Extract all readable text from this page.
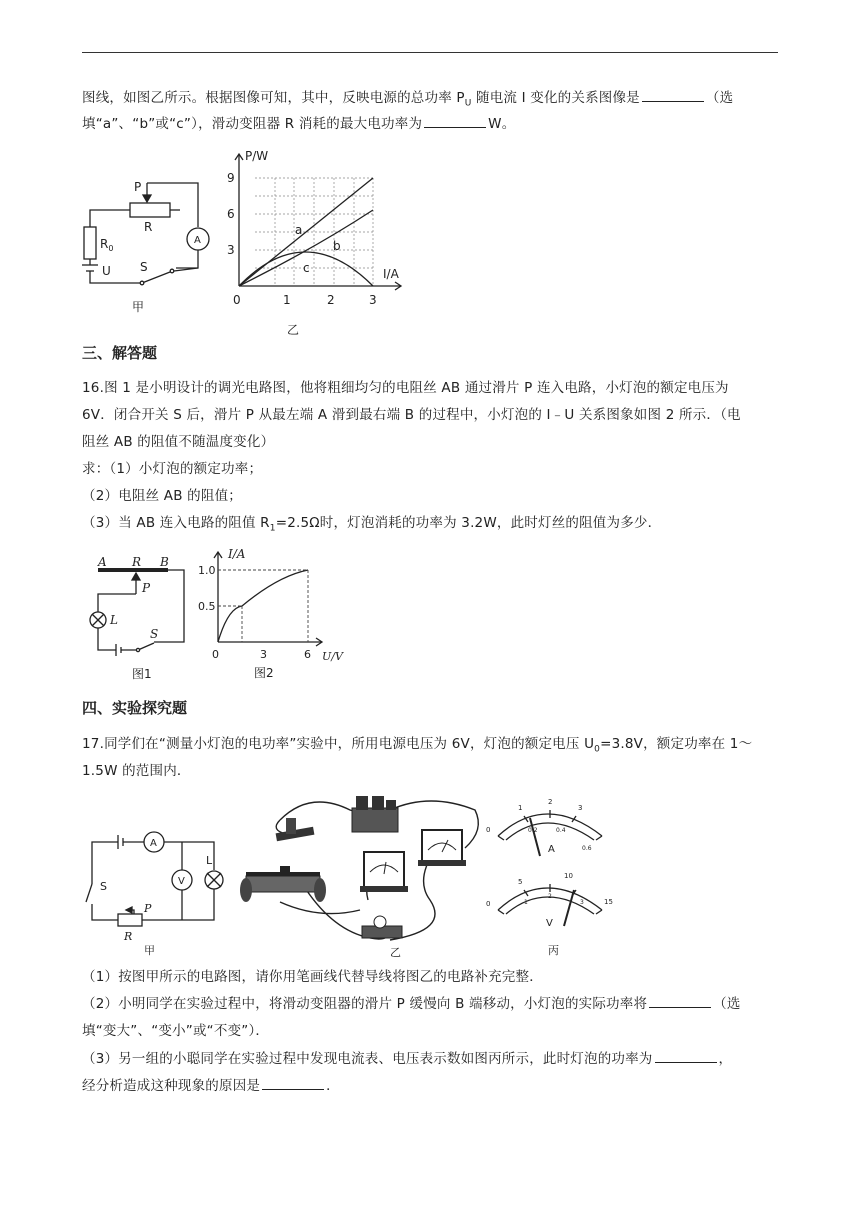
图线，如图乙所示。根据图像可知，其中，反映电源的总功率 $P_U$ 随电流 I 变化的关系图像是	（选
填“a”、“b”或“c”），滑动变阻器 R 消耗的最大电功率为	W。
P
R
$R_0$
U S
A
甲
P/W
I/A
3
6
9
0	1	2	3
a
b
c
乙
三、解答题
16.图 1 是小明设计的调光电路图，他将粗细均匀的电阻丝 AB 通过滑片 P 连入电路，小灯泡的额定电压为
6V．闭合开关 S 后，滑片 P 从最左端 A 滑到最右端 B 的过程中，小灯泡的 I﹣U 关系图象如图 2 所示．（电
阻丝 AB 的阻值不随温度变化）
求：（1）小灯泡的额定功率；
（2）电阻丝 AB 的阻值；
（3）当 AB 连入电路的阻值 $R_1=2.5\Omega$时，灯泡消耗的功率为 3.2W，此时灯丝的阻值为多少．
A R B
P
L
S
图1
I/A
U/V
1.0
0.5
0	3	6
图2
四、实验探究题
17.同学们在“测量小灯泡的电功率”实验中，所用电源电压为 6V，灯泡的额定电压 $U_0=3.8V$，额定功率在 1～
1.5W 的范围内．
A
V
L
S
P
R
甲	乙
0
1
2
3
0.2	0.4
0.6
A
0
5
10
15
1
2
3
V
丙
（1）按图甲所示的电路图，请你用笔画线代替导线将图乙的电路补充完整．
（2）小明同学在实验过程中，将滑动变阻器的滑片 P 缓慢向 B 端移动，小灯泡的实际功率将	（选
填“变大”、“变小”或“不变”）．
（3）另一组的小聪同学在实验过程中发现电流表、电压表示数如图丙所示，此时灯泡的功率为	，
经分析造成这种现象的原因是	．
